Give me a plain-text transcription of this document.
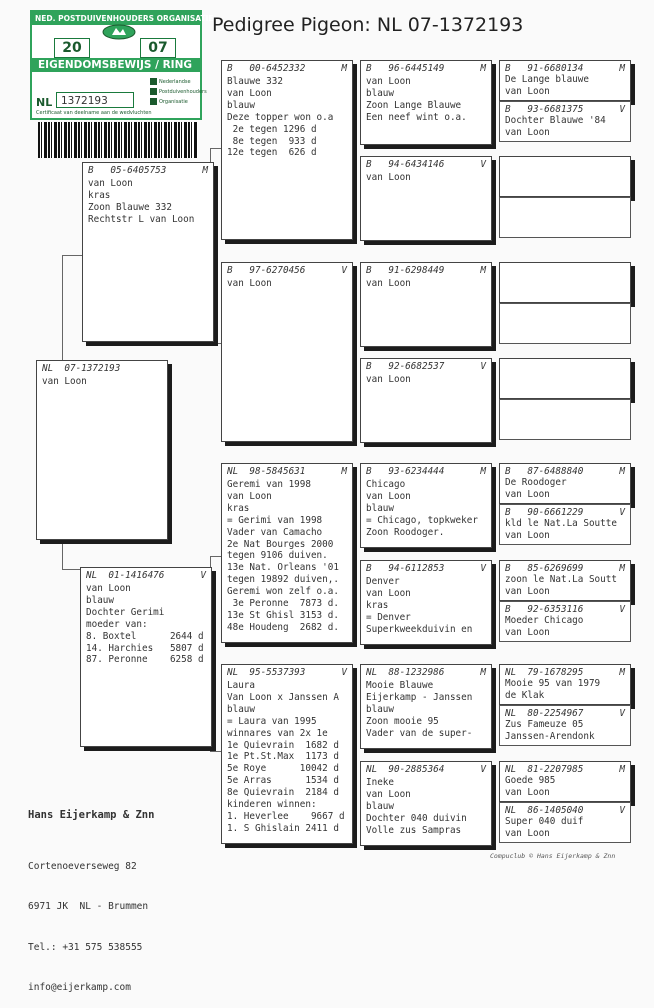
Pedigree Pigeon: NL 07-1372193
NED. POSTDUIVENHOUDERS ORGANISATIE
20	07
EIGENDOMSBEWIJS / RING
NL 1372193
Nederlandse
Postduivenhouders
Organisatie
Certificaat van deelname aan de wedvluchten
NL  07-1372193
van Loon
B   05-6405753	M
van Loon
kras
Zoon Blauwe 332
Rechtstr L van Loon
NL  01-1416476	V
van Loon
blauw
Dochter Gerimi
moeder van:
8. Boxtel      2644 d
14. Harchies   5807 d
87. Peronne    6258 d
B   00-6452332	M
Blauwe 332
van Loon
blauw
Deze topper won o.a
2e tegen 1296 d
8e tegen  933 d
12e tegen  626 d
B   97-6270456	V
van Loon
NL  98-5845631	M
Geremi van 1998
van Loon
kras
= Gerimi van 1998
Vader van Camacho
2e Nat Bourges 2000
tegen 9106 duiven.
13e Nat. Orleans '01
tegen 19892 duiven,.
Geremi won zelf o.a.
3e Peronne  7873 d.
13e St Ghisl 3153 d.
48e Houdeng  2682 d.
NL  95-5537393	V
Laura
Van Loon x Janssen A
blauw
= Laura van 1995
winnares van 2x 1e
1e Quievrain  1682 d
1e Pt.St.Max  1173 d
5e Roye      10042 d
5e Arras      1534 d
8e Quievrain  2184 d
kinderen winnen:
1. Heverlee    9667 d
1. S Ghislain 2411 d
B   96-6445149	M
van Loon
blauw
Zoon Lange Blauwe
Een neef wint o.a.
B   94-6434146	V
van Loon
B   91-6298449	M
van Loon
B   92-6682537	V
van Loon
B   93-6234444	M
Chicago
van Loon
blauw
= Chicago, topkweker
Zoon Roodoger.
B   94-6112853	V
Denver
van Loon
kras
= Denver
Superkweekduivin en
NL  88-1232986	M
Mooie Blauwe
Eijerkamp - Janssen
blauw
Zoon mooie 95
Vader van de super-
NL  90-2885364	V
Ineke
van Loon
blauw
Dochter 040 duivin
Volle zus Sampras
B   91-6680134	M
De Lange blauwe
van Loon
B   93-6681375	V
Dochter Blauwe '84
van Loon
B   87-6488840	M
De Roodoger
van Loon
B   90-6661229	V
kld le Nat.La Soutte
van Loon
B   85-6269699	M
zoon le Nat.La Soutt
van Loon
B   92-6353116	V
Moeder Chicago
van Loon
NL  79-1678295	M
Mooie 95 van 1979
de Klak
NL  80-2254967	V
Zus Fameuze 05
Janssen-Arendonk
NL  81-2207985	M
Goede 985
van Loon
NL  86-1405040	V
Super 040 duif
van Loon

Hans Eijerkamp & Znn

Cortenoeverseweg 82

6971 JK  NL - Brummen

Tel.: +31 575 538555

info@eijerkamp.com

Compuclub © Hans Eijerkamp & Znn
